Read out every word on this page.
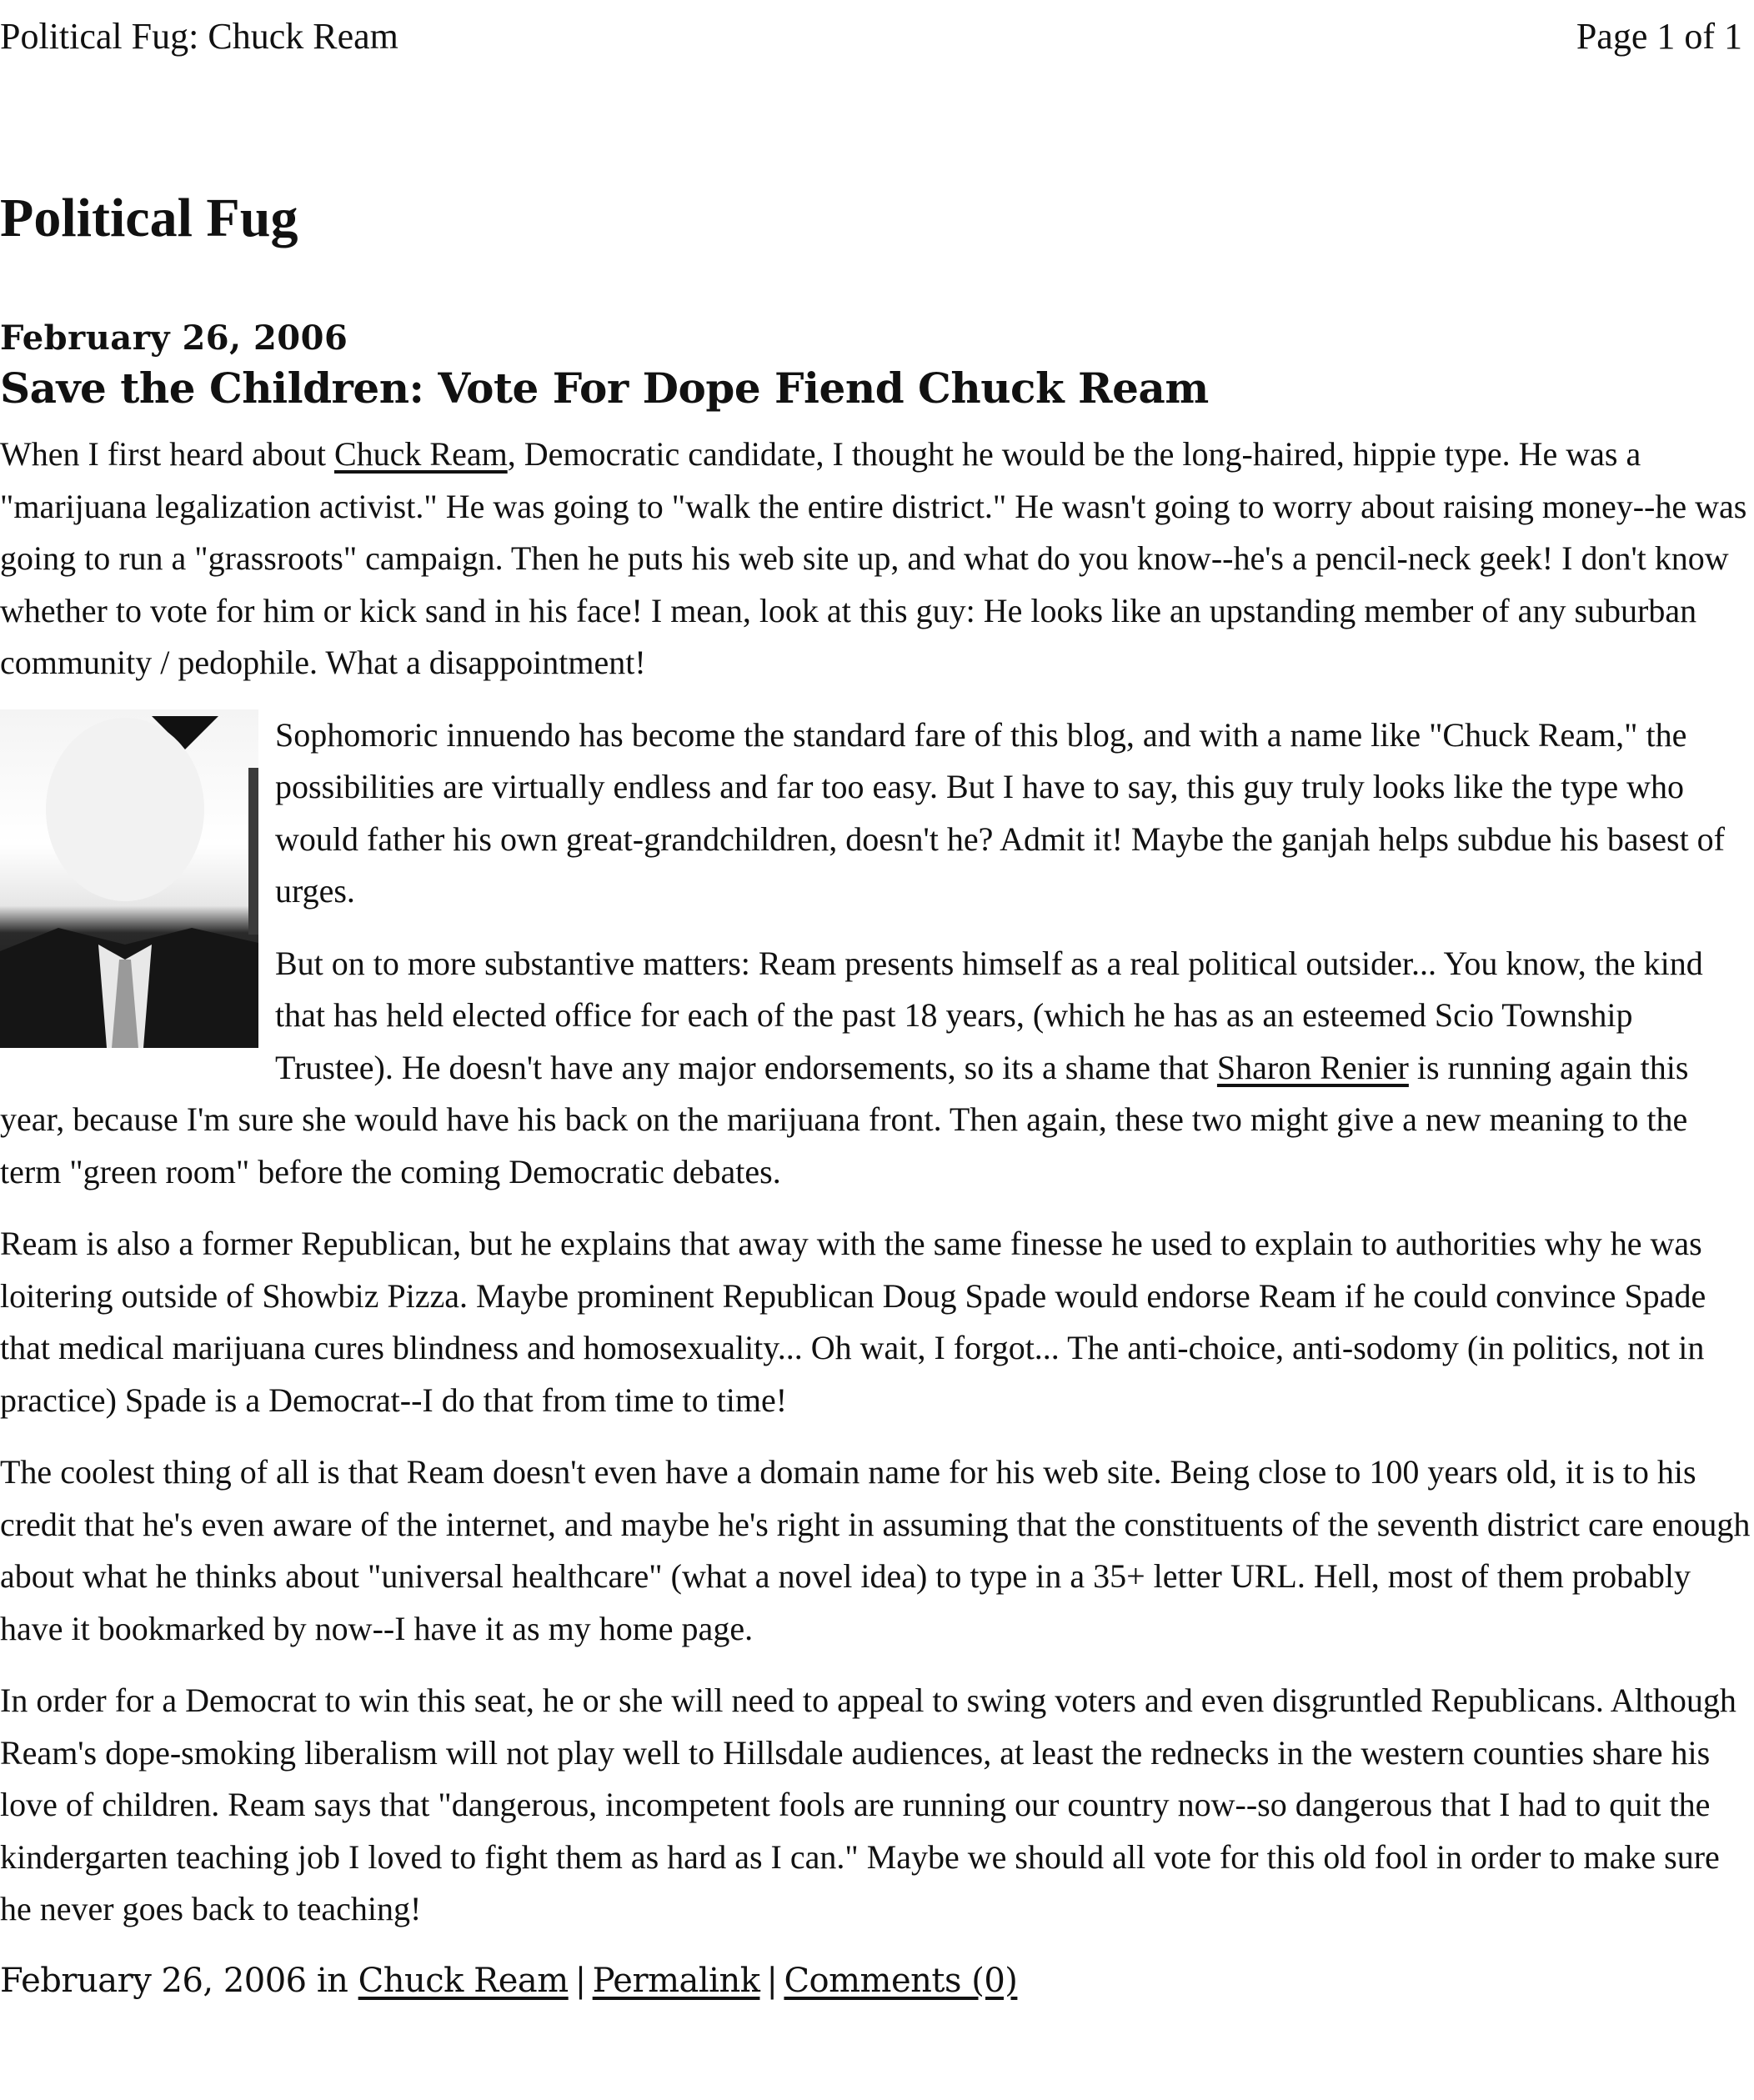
Political Fug: Chuck Ream	Page 1 of 1
Political Fug
February 26, 2006
Save the Children: Vote For Dope Fiend Chuck Ream

When I first heard about Chuck Ream, Democratic candidate, I thought he would be the long-haired, hippie type. He was a "marijuana legalization activist." He was going to "walk the entire district." He wasn't going to worry about raising money--he was going to run a "grassroots" campaign. Then he puts his web site up, and what do you know--he's a pencil-neck geek! I don't know whether to vote for him or kick sand in his face! I mean, look at this guy: He looks like an upstanding member of any suburban community / pedophile. What a disappointment!

Sophomoric innuendo has become the standard fare of this blog, and with a name like "Chuck Ream," the possibilities are virtually endless and far too easy. But I have to say, this guy truly looks like the type who would father his own great-grandchildren, doesn't he? Admit it! Maybe the ganjah helps subdue his basest of urges.

But on to more substantive matters: Ream presents himself as a real political outsider... You know, the kind that has held elected office for each of the past 18 years, (which he has as an esteemed Scio Township Trustee). He doesn't have any major endorsements, so its a shame that Sharon Renier is running again this year, because I'm sure she would have his back on the marijuana front. Then again, these two might give a new meaning to the term "green room" before the coming Democratic debates.

Ream is also a former Republican, but he explains that away with the same finesse he used to explain to authorities why he was loitering outside of Showbiz Pizza. Maybe prominent Republican Doug Spade would endorse Ream if he could convince Spade that medical marijuana cures blindness and homosexuality... Oh wait, I forgot... The anti-choice, anti-sodomy (in politics, not in practice) Spade is a Democrat--I do that from time to time!

The coolest thing of all is that Ream doesn't even have a domain name for his web site. Being close to 100 years old, it is to his credit that he's even aware of the internet, and maybe he's right in assuming that the constituents of the seventh district care enough about what he thinks about "universal healthcare" (what a novel idea) to type in a 35+ letter URL. Hell, most of them probably have it bookmarked by now--I have it as my home page.

In order for a Democrat to win this seat, he or she will need to appeal to swing voters and even disgruntled Republicans. Although Ream's dope-smoking liberalism will not play well to Hillsdale audiences, at least the rednecks in the western counties share his love of children. Ream says that "dangerous, incompetent fools are running our country now--so dangerous that I had to quit the kindergarten teaching job I loved to fight them as hard as I can." Maybe we should all vote for this old fool in order to make sure he never goes back to teaching!

February 26, 2006 in Chuck Ream | Permalink | Comments (0)
